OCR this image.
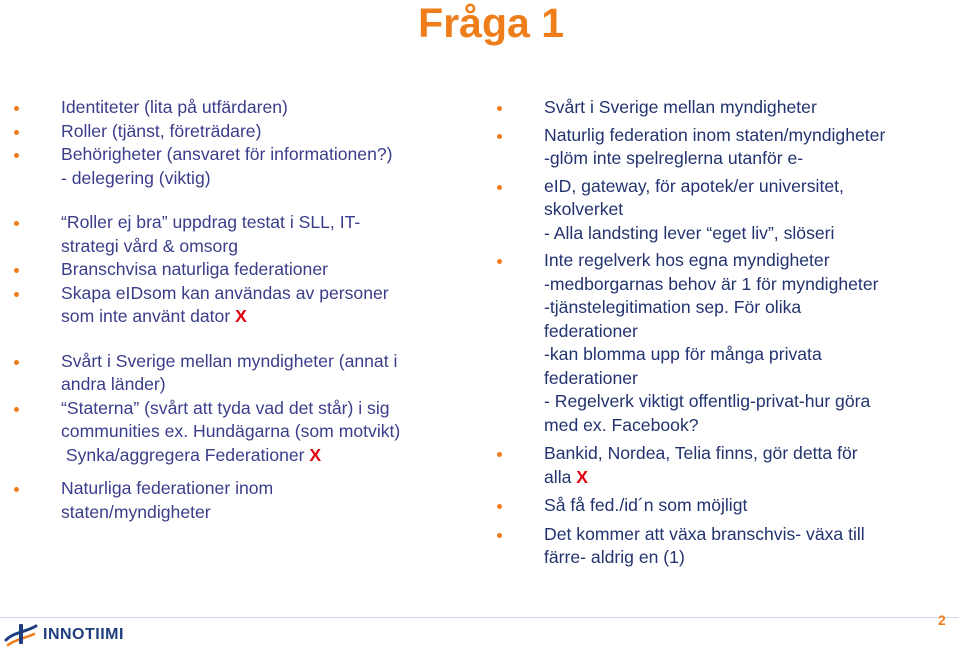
Fråga 1
Identiteter (lita på utfärdaren)
Roller (tjänst, företrädare)
Behörigheter (ansvaret för informationen?)
- delegering (viktig)
“Roller ej bra” uppdrag testat i SLL, IT-
strategi vård & omsorg
Branschvisa naturliga federationer
Skapa eIDsom kan användas av personer
som inte använt dator X
Svårt i Sverige mellan myndigheter (annat i
andra länder)
“Staterna” (svårt att tyda vad det står) i sig
communities ex. Hundägarna (som motvikt)
Synka/aggregera Federationer X
Naturliga federationer inom
staten/myndigheter
Svårt i Sverige mellan myndigheter
Naturlig federation inom staten/myndigheter
-glöm inte spelreglerna utanför e-
eID, gateway, för apotek/er universitet,
skolverket
- Alla landsting lever “eget liv”, slöseri
Inte regelverk hos egna myndigheter
-medborgarnas behov är 1 för myndigheter
-tjänstelegitimation sep. För olika
federationer
-kan blomma upp för många privata
federationer
- Regelverk viktigt offentlig-privat-hur göra
med ex. Facebook?
Bankid, Nordea, Telia finns, gör detta för
alla X
Så få fed./id´n som möjligt
Det kommer att växa branschvis- växa till
färre- aldrig en (1)
INNOTIIMI
2
